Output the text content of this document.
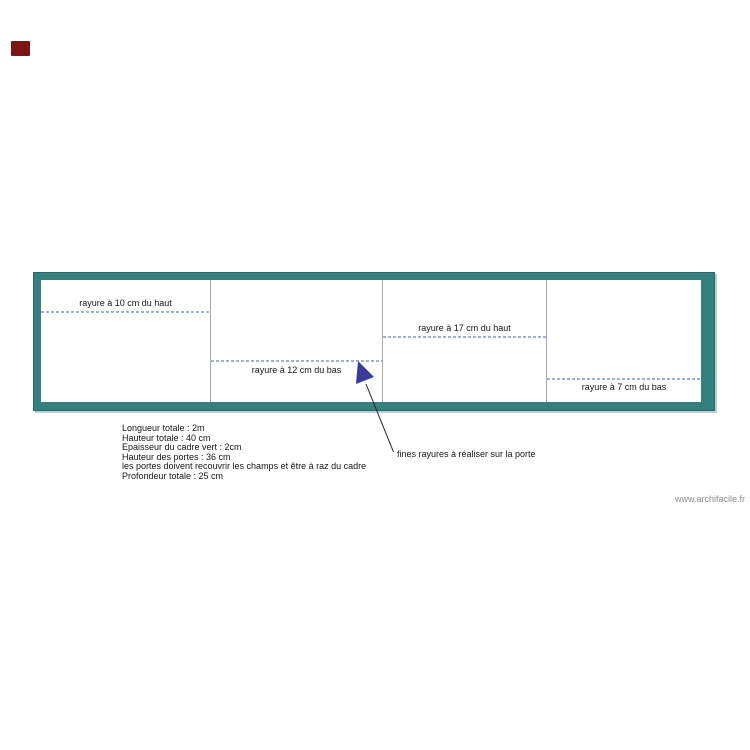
rayure à 10 cm du haut
rayure à 12 cm du bas
rayure à 17 cm du haut
rayure à 7 cm du bas
fines rayures à réaliser sur la porte
Longueur totale : 2m
Hauteur totale : 40 cm
Epaisseur du cadre vert : 2cm
Hauteur des portes : 36 cm
les portes doivent recouvrir les champs et être à raz du cadre
Profondeur totale : 25 cm
www.archifacile.fr
